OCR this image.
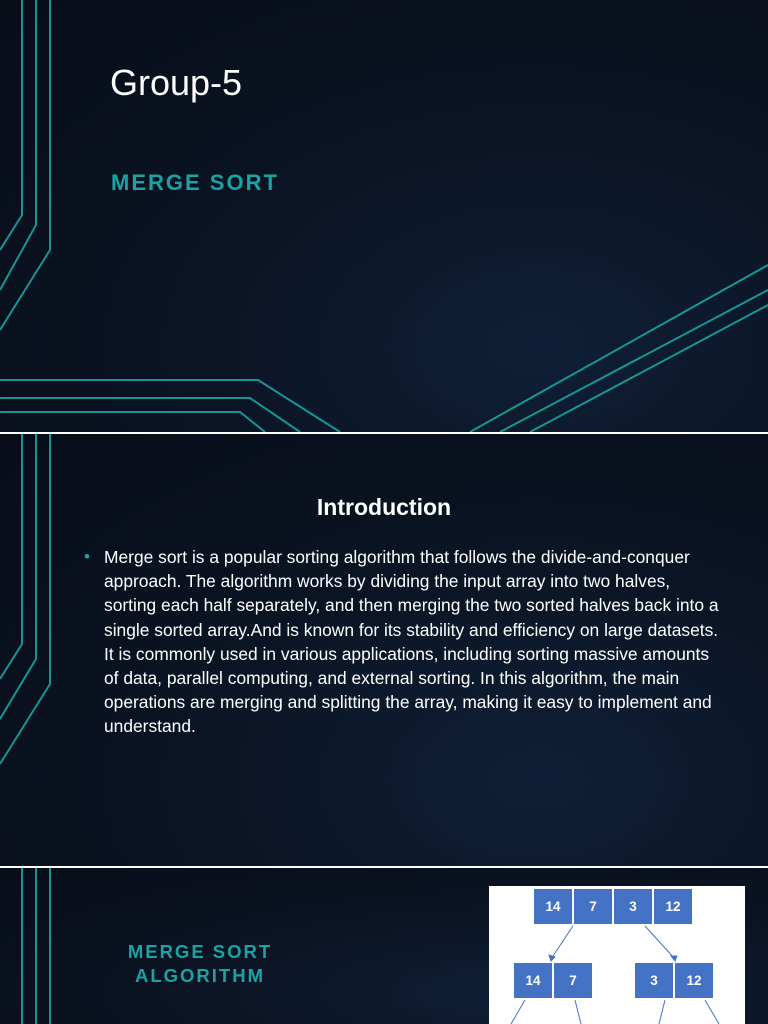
Group-5
MERGE SORT
Introduction
• Merge sort is a popular sorting algorithm that follows the divide-and-conquer approach. The algorithm works by dividing the input array into two halves, sorting each half separately, and then merging the two sorted halves back into a single sorted array.And is known for its stability and efficiency on large datasets. It is commonly used in various applications, including sorting massive amounts of data, parallel computing, and external sorting. In this algorithm, the main operations are merging and splitting the array, making it easy to implement and understand.
MERGE SORT ALGORITHM
14	7	3	12
14	7	3	12
